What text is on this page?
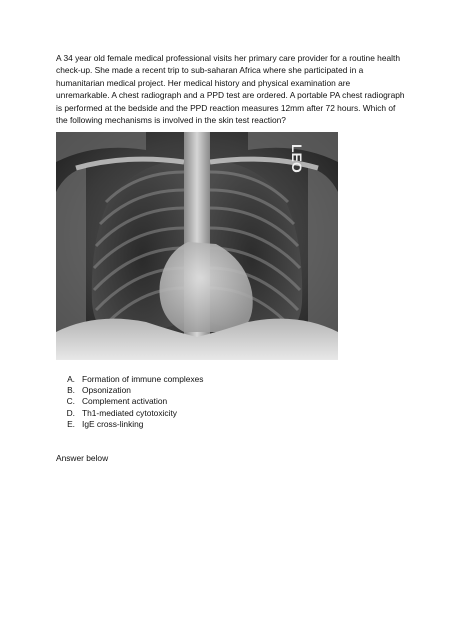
A 34 year old female medical professional visits her primary care provider for a routine health check-up. She made a recent trip to sub-saharan Africa where she participated in a humanitarian medical project. Her medical history and physical examination are unremarkable. A chest radiograph and a PPD test are ordered. A portable PA chest radiograph is performed at the bedside and the PPD reaction measures 12mm after 72 hours. Which of the following mechanisms is involved in the skin test reaction?

LEO
A. Formation of immune complexes
B. Opsonization
C. Complement activation
D. Th1-mediated cytotoxicity
E. IgE cross-linking

Answer below
